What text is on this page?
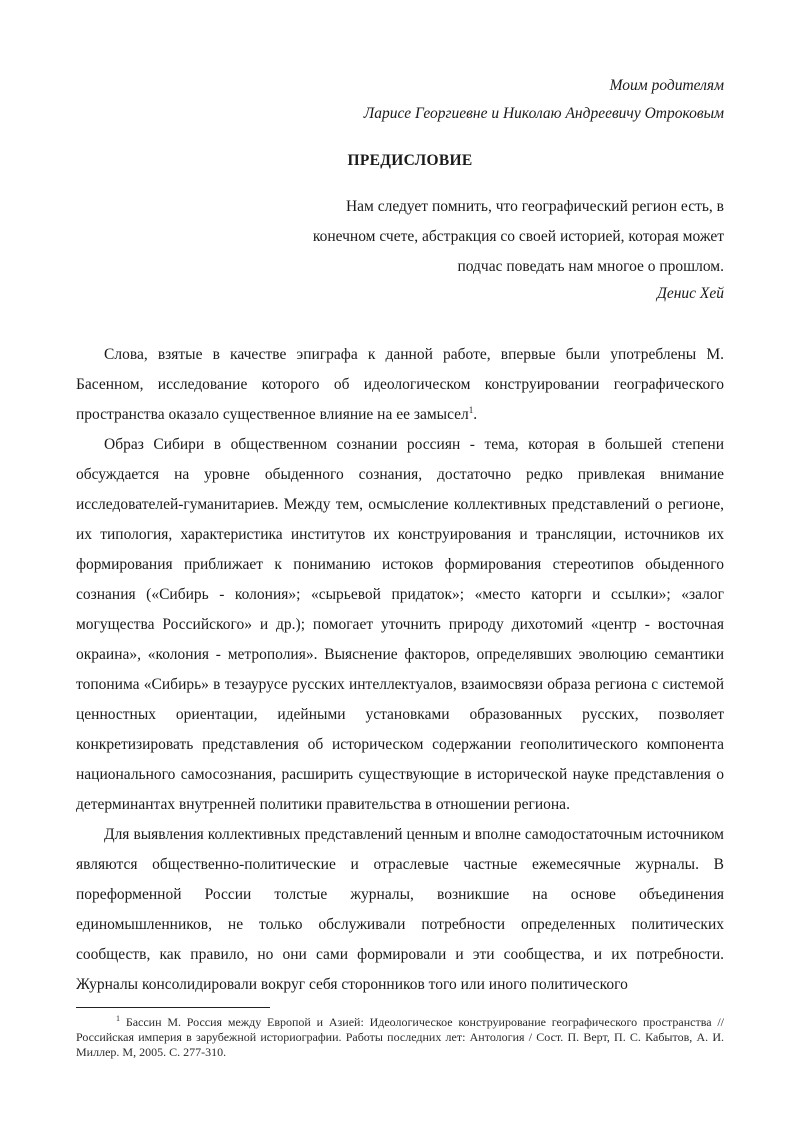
Моим родителям
Ларисе Георгиевне и Николаю Андреевичу Отроковым
ПРЕДИСЛОВИЕ
Нам следует помнить, что географический регион есть, в
конечном счете, абстракция со своей историей, которая может
подчас поведать нам многое о прошлом.
Денис Хей

Слова, взятые в качестве эпиграфа к данной работе, впервые были употреблены М. Басенном, исследование которого об идеологическом конструировании географического пространства оказало существенное влияние на ее замысел$^1$.

Образ Сибири в общественном сознании россиян - тема, которая в большей степени обсуждается на уровне обыденного сознания, достаточно редко привлекая внимание исследователей-гуманитариев. Между тем, осмысление коллективных представлений о регионе, их типология, характеристика институтов их конструирования и трансляции, источников их формирования приближает к пониманию истоков формирования стереотипов обыденного сознания («Сибирь - колония»; «сырьевой придаток»; «место каторги и ссылки»; «залог могущества Российского» и др.); помогает уточнить природу дихотомий «центр - восточная окраина», «колония - метрополия». Выяснение факторов, определявших эволюцию семантики топонима «Сибирь» в тезаурусе русских интеллектуалов, взаимосвязи образа региона с системой ценностных ориентации, идейными установками образованных русских, позволяет конкретизировать представления об историческом содержании геополитического компонента национального самосознания, расширить существующие в исторической науке представления о детерминантах внутренней политики правительства в отношении региона.

Для выявления коллективных представлений ценным и вполне самодостаточным источником являются общественно-политические и отраслевые частные ежемесячные журналы. В пореформенной России толстые журналы, возникшие на основе объединения единомышленников, не только обслуживали потребности определенных политических сообществ, как правило, но они сами формировали и эти сообщества, и их потребности. Журналы консолидировали вокруг себя сторонников того или иного политического

$^1$ Бассин М. Россия между Европой и Азией: Идеологическое конструирование географического пространства // Российская империя в зарубежной историографии. Работы последних лет: Антология / Сост. П. Верт, П. С. Кабытов, А. И. Миллер. М, 2005. С. 277-310.
